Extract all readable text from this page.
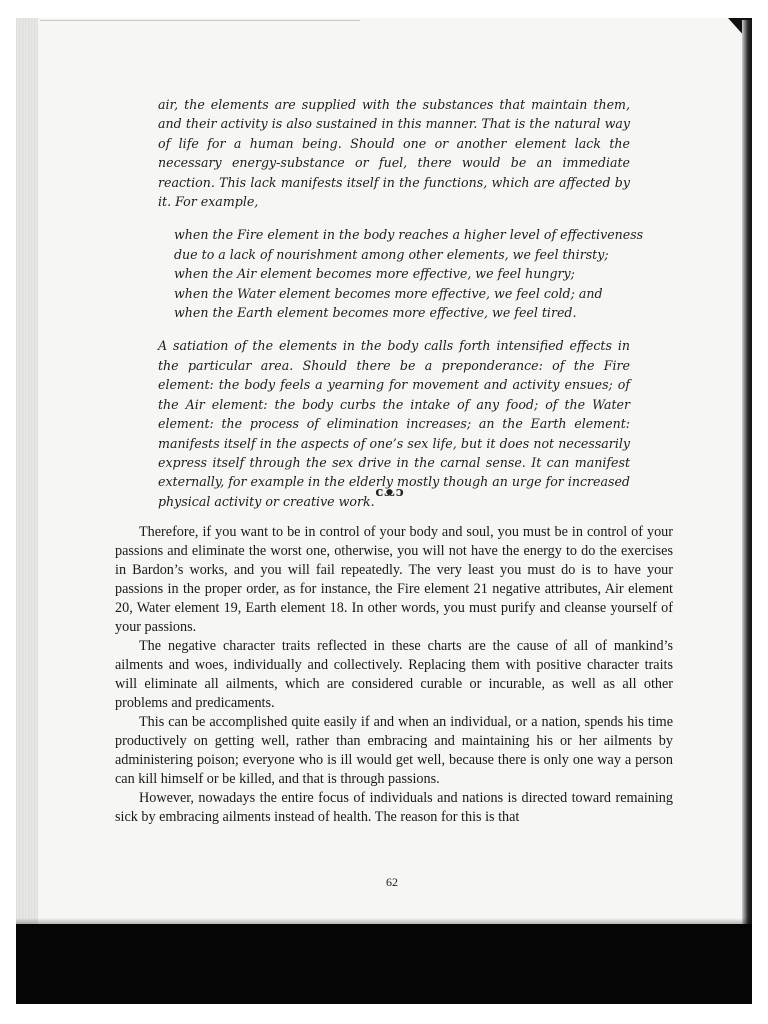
air, the elements are supplied with the substances that maintain them, and their activity is also sustained in this manner. That is the natural way of life for a human being. Should one or another element lack the necessary energy-substance or fuel, there would be an immediate reaction. This lack manifests itself in the functions, which are affected by it. For example,

when the Fire element in the body reaches a higher level of effectiveness
due to a lack of nourishment among other elements, we feel thirsty;
when the Air element becomes more effective, we feel hungry;
when the Water element becomes more effective, we feel cold; and
when the Earth element becomes more effective, we feel tired.

A satiation of the elements in the body calls forth intensified effects in the particular area. Should there be a preponderance: of the Fire element: the body feels a yearning for movement and activity ensues; of the Air element: the body curbs the intake of any food; of the Water element: the process of elimination increases; an the Earth element: manifests itself in the aspects of one’s sex life, but it does not necessarily express itself through the sex drive in the carnal sense. It can manifest externally, for example in the elderly mostly though an urge for increased physical activity or creative work.

ᴄᴥᴐ

Therefore, if you want to be in control of your body and soul, you must be in control of your passions and eliminate the worst one, otherwise, you will not have the energy to do the exercises in Bardon’s works, and you will fail repeatedly. The very least you must do is to have your passions in the proper order, as for instance, the Fire element 21 negative attributes, Air element 20, Water element 19, Earth element 18. In other words, you must purify and cleanse yourself of your passions.

The negative character traits reflected in these charts are the cause of all of mankind’s ailments and woes, individually and collectively. Replacing them with positive character traits will eliminate all ailments, which are considered curable or incurable, as well as all other problems and predicaments.

This can be accomplished quite easily if and when an individual, or a nation, spends his time productively on getting well, rather than embracing and maintaining his or her ailments by administering poison; everyone who is ill would get well, because there is only one way a person can kill himself or be killed, and that is through passions.

However, nowadays the entire focus of individuals and nations is directed toward remaining sick by embracing ailments instead of health. The reason for this is that

62
